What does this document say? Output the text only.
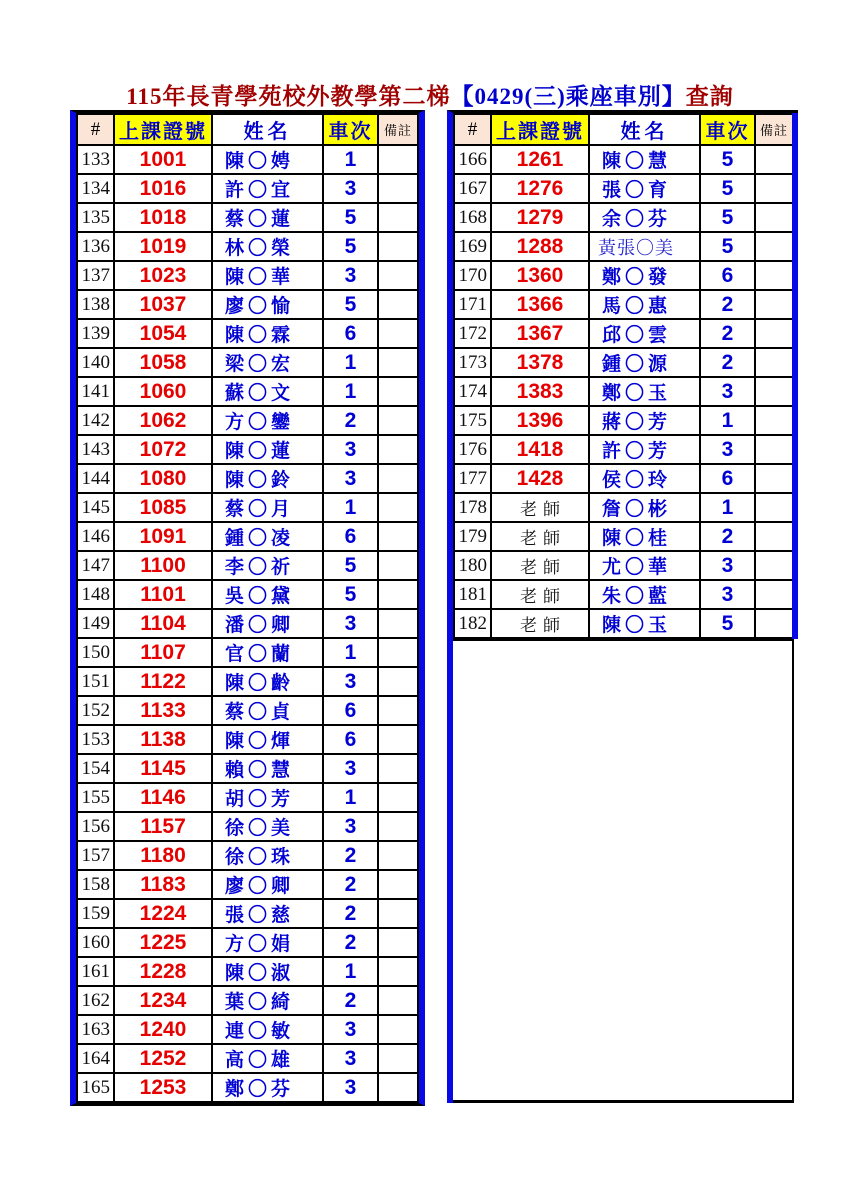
115年長青學苑校外教學第二梯【0429(三)乘座車別】查詢
#	上課證號	姓名	車次	備註
133	1001	陳〇娉	1	
134	1016	許〇宜	3	
135	1018	蔡〇蓮	5	
136	1019	林〇榮	5	
137	1023	陳〇華	3	
138	1037	廖〇愉	5	
139	1054	陳〇霖	6	
140	1058	梁〇宏	1	
141	1060	蘇〇文	1	
142	1062	方〇鑾	2	
143	1072	陳〇蓮	3	
144	1080	陳〇鈴	3	
145	1085	蔡〇月	1	
146	1091	鍾〇凌	6	
147	1100	李〇祈	5	
148	1101	吳〇黛	5	
149	1104	潘〇卿	3	
150	1107	官〇蘭	1	
151	1122	陳〇齡	3	
152	1133	蔡〇貞	6	
153	1138	陳〇煇	6	
154	1145	賴〇慧	3	
155	1146	胡〇芳	1	
156	1157	徐〇美	3	
157	1180	徐〇珠	2	
158	1183	廖〇卿	2	
159	1224	張〇慈	2	
160	1225	方〇娟	2	
161	1228	陳〇淑	1	
162	1234	葉〇綺	2	
163	1240	連〇敏	3	
164	1252	高〇雄	3	
165	1253	鄭〇芬	3	
#	上課證號	姓名	車次	備註
166	1261	陳〇慧	5	
167	1276	張〇育	5	
168	1279	余〇芬	5	
169	1288	黃張〇美	5	
170	1360	鄭〇發	6	
171	1366	馬〇惠	2	
172	1367	邱〇雲	2	
173	1378	鍾〇源	2	
174	1383	鄭〇玉	3	
175	1396	蔣〇芳	1	
176	1418	許〇芳	3	
177	1428	侯〇玲	6	
178	老師	詹〇彬	1	
179	老師	陳〇桂	2	
180	老師	尤〇華	3	
181	老師	朱〇藍	3	
182	老師	陳〇玉	5	
